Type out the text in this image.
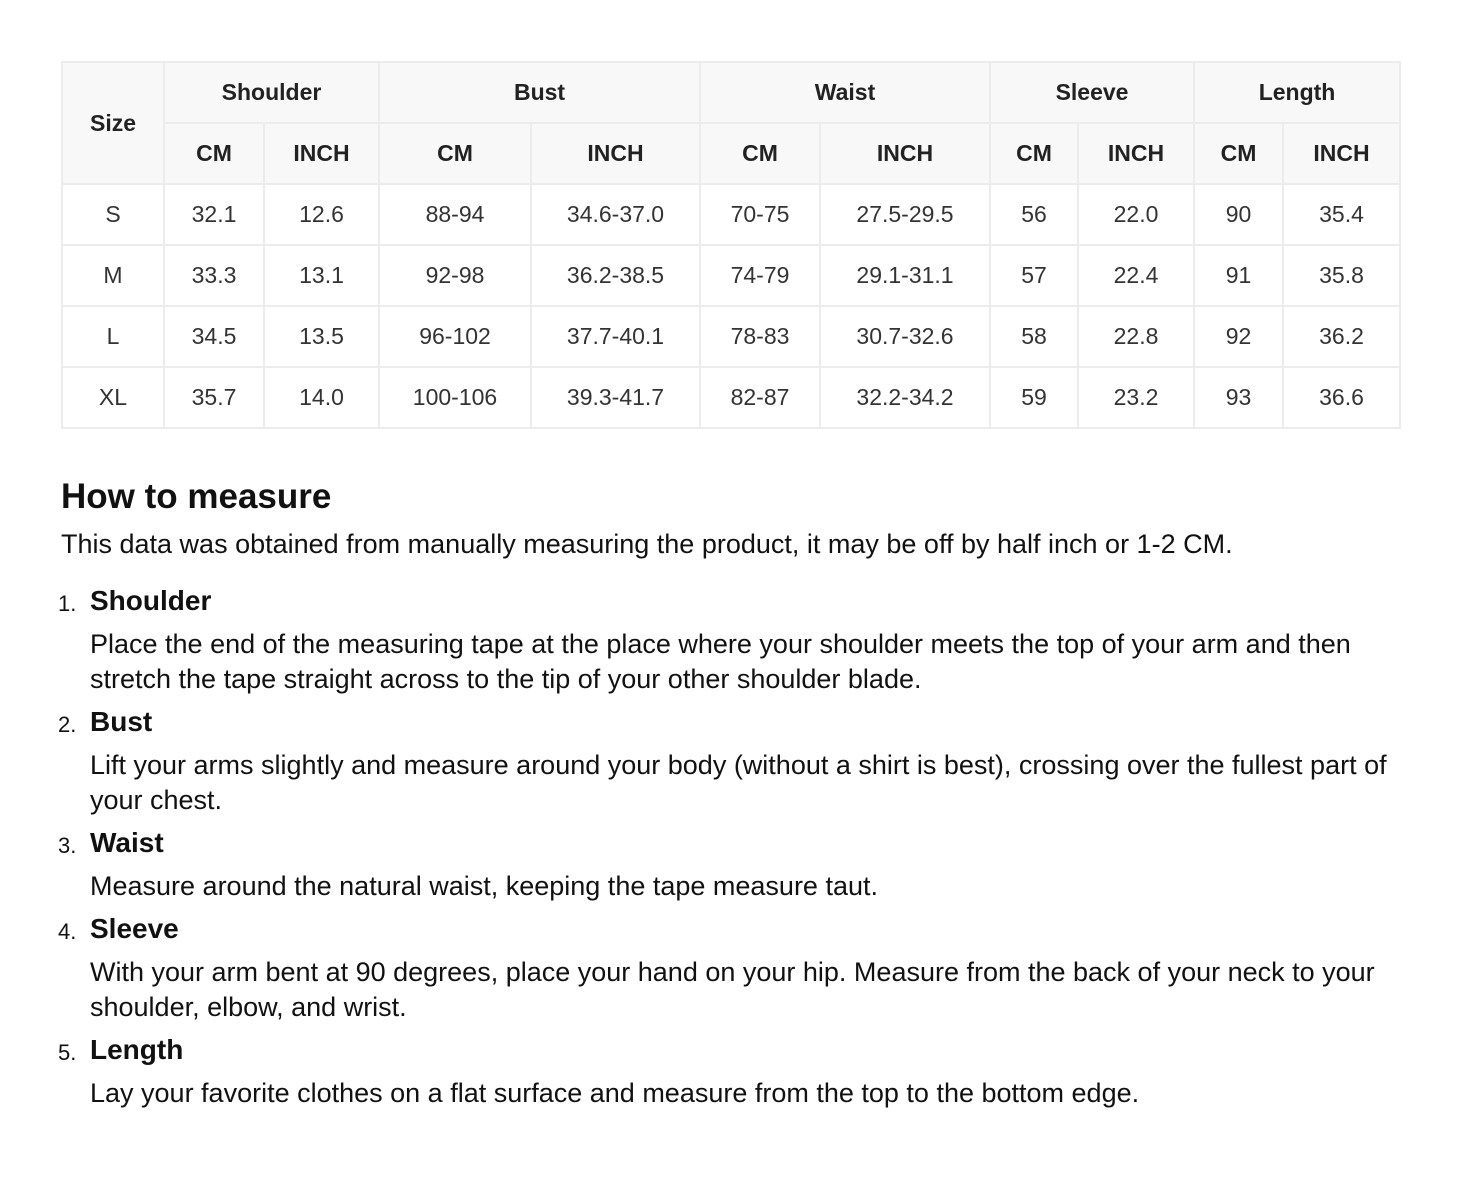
Size	Shoulder		Bust		Waist		Sleeve		Length	
	CM	INCH	CM	INCH	CM	INCH	CM	INCH	CM	INCH
S	32.1	12.6	88-94	34.6-37.0	70-75	27.5-29.5	56	22.0	90	35.4
M	33.3	13.1	92-98	36.2-38.5	74-79	29.1-31.1	57	22.4	91	35.8
L	34.5	13.5	96-102	37.7-40.1	78-83	30.7-32.6	58	22.8	92	36.2
XL	35.7	14.0	100-106	39.3-41.7	82-87	32.2-34.2	59	23.2	93	36.6
How to measure

This data was obtained from manually measuring the product, it may be off by half inch or 1-2 CM.

1. Shoulder
Place the end of the measuring tape at the place where your shoulder meets the top of your arm and then stretch the tape straight across to the tip of your other shoulder blade.
2. Bust
Lift your arms slightly and measure around your body (without a shirt is best), crossing over the fullest part of your chest.
3. Waist
Measure around the natural waist, keeping the tape measure taut.
4. Sleeve
With your arm bent at 90 degrees, place your hand on your hip. Measure from the back of your neck to your shoulder, elbow, and wrist.
5. Length
Lay your favorite clothes on a flat surface and measure from the top to the bottom edge.
